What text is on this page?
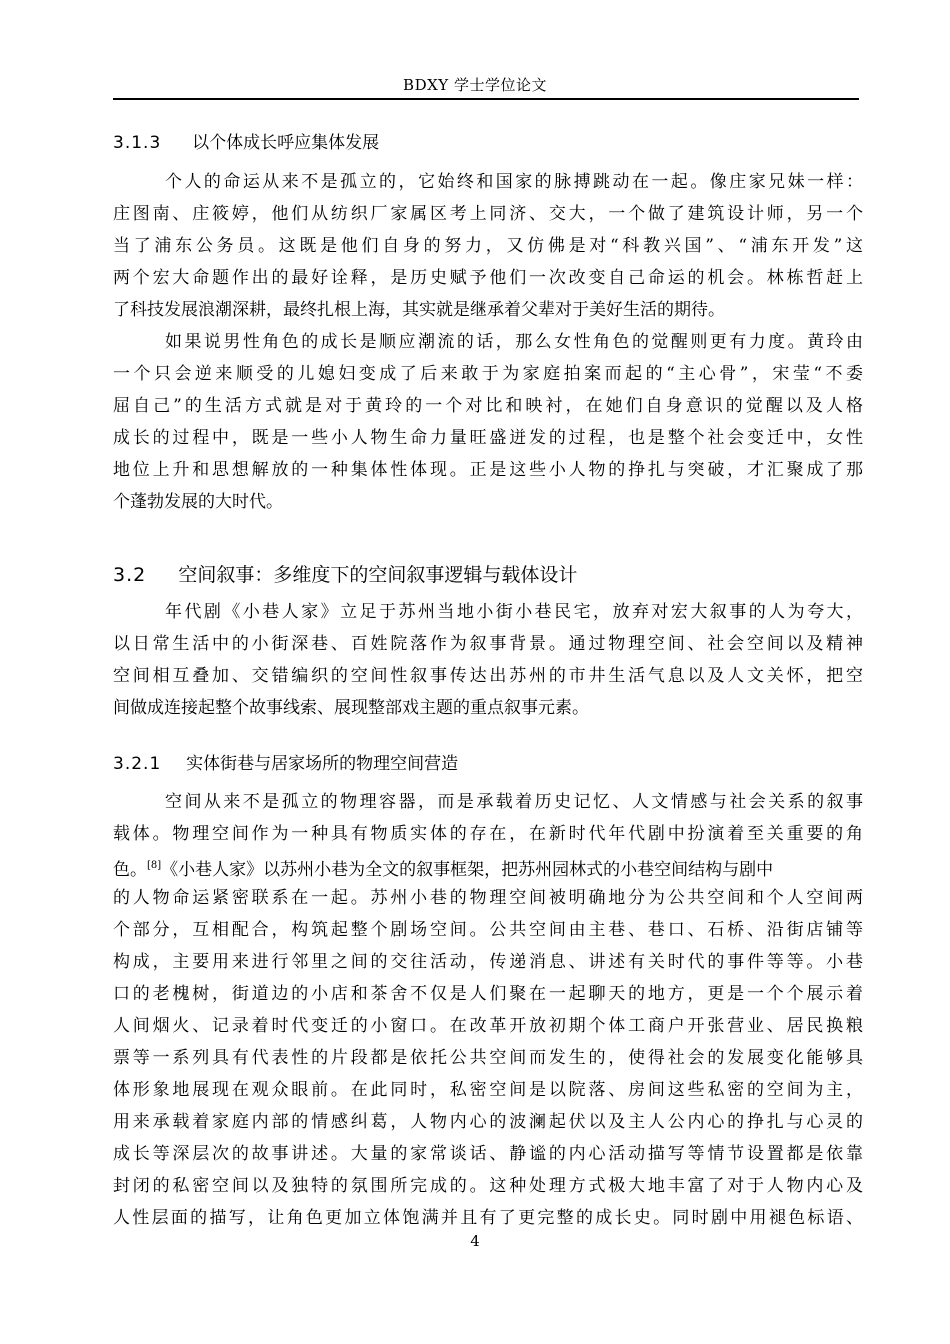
BDXY 学士学位论文
3.1.3 以个体成长呼应集体发展
个人的命运从来不是孤立的，它始终和国家的脉搏跳动在一起。像庄家兄妹一样：
庄图南、庄筱婷，他们从纺织厂家属区考上同济、交大，一个做了建筑设计师，另一个
当了浦东公务员。这既是他们自身的努力，又仿佛是对“科教兴国”、“浦东开发”这
两个宏大命题作出的最好诠释，是历史赋予他们一次改变自己命运的机会。林栋哲赶上
了科技发展浪潮深耕，最终扎根上海，其实就是继承着父辈对于美好生活的期待。
如果说男性角色的成长是顺应潮流的话，那么女性角色的觉醒则更有力度。黄玲由
一个只会逆来顺受的儿媳妇变成了后来敢于为家庭拍案而起的“主心骨”，宋莹“不委
屈自己”的生活方式就是对于黄玲的一个对比和映衬，在她们自身意识的觉醒以及人格
成长的过程中，既是一些小人物生命力量旺盛迸发的过程，也是整个社会变迁中，女性
地位上升和思想解放的一种集体性体现。正是这些小人物的挣扎与突破，才汇聚成了那
个蓬勃发展的大时代。
3.2 空间叙事：多维度下的空间叙事逻辑与载体设计
年代剧《小巷人家》立足于苏州当地小街小巷民宅，放弃对宏大叙事的人为夸大，
以日常生活中的小街深巷、百姓院落作为叙事背景。通过物理空间、社会空间以及精神
空间相互叠加、交错编织的空间性叙事传达出苏州的市井生活气息以及人文关怀，把空
间做成连接起整个故事线索、展现整部戏主题的重点叙事元素。
3.2.1 实体街巷与居家场所的物理空间营造
空间从来不是孤立的物理容器，而是承载着历史记忆、人文情感与社会关系的叙事
载体。物理空间作为一种具有物质实体的存在，在新时代年代剧中扮演着至关重要的角
色。[8]《小巷人家》以苏州小巷为全文的叙事框架，把苏州园林式的小巷空间结构与剧中
的人物命运紧密联系在一起。苏州小巷的物理空间被明确地分为公共空间和个人空间两
个部分，互相配合，构筑起整个剧场空间。公共空间由主巷、巷口、石桥、沿街店铺等
构成，主要用来进行邻里之间的交往活动，传递消息、讲述有关时代的事件等等。小巷
口的老槐树，街道边的小店和茶舍不仅是人们聚在一起聊天的地方，更是一个个展示着
人间烟火、记录着时代变迁的小窗口。在改革开放初期个体工商户开张营业、居民换粮
票等一系列具有代表性的片段都是依托公共空间而发生的，使得社会的发展变化能够具
体形象地展现在观众眼前。在此同时，私密空间是以院落、房间这些私密的空间为主，
用来承载着家庭内部的情感纠葛，人物内心的波澜起伏以及主人公内心的挣扎与心灵的
成长等深层次的故事讲述。大量的家常谈话、静谧的内心活动描写等情节设置都是依靠
封闭的私密空间以及独特的氛围所完成的。这种处理方式极大地丰富了对于人物内心及
人性层面的描写，让角色更加立体饱满并且有了更完整的成长史。同时剧中用褪色标语、
4
